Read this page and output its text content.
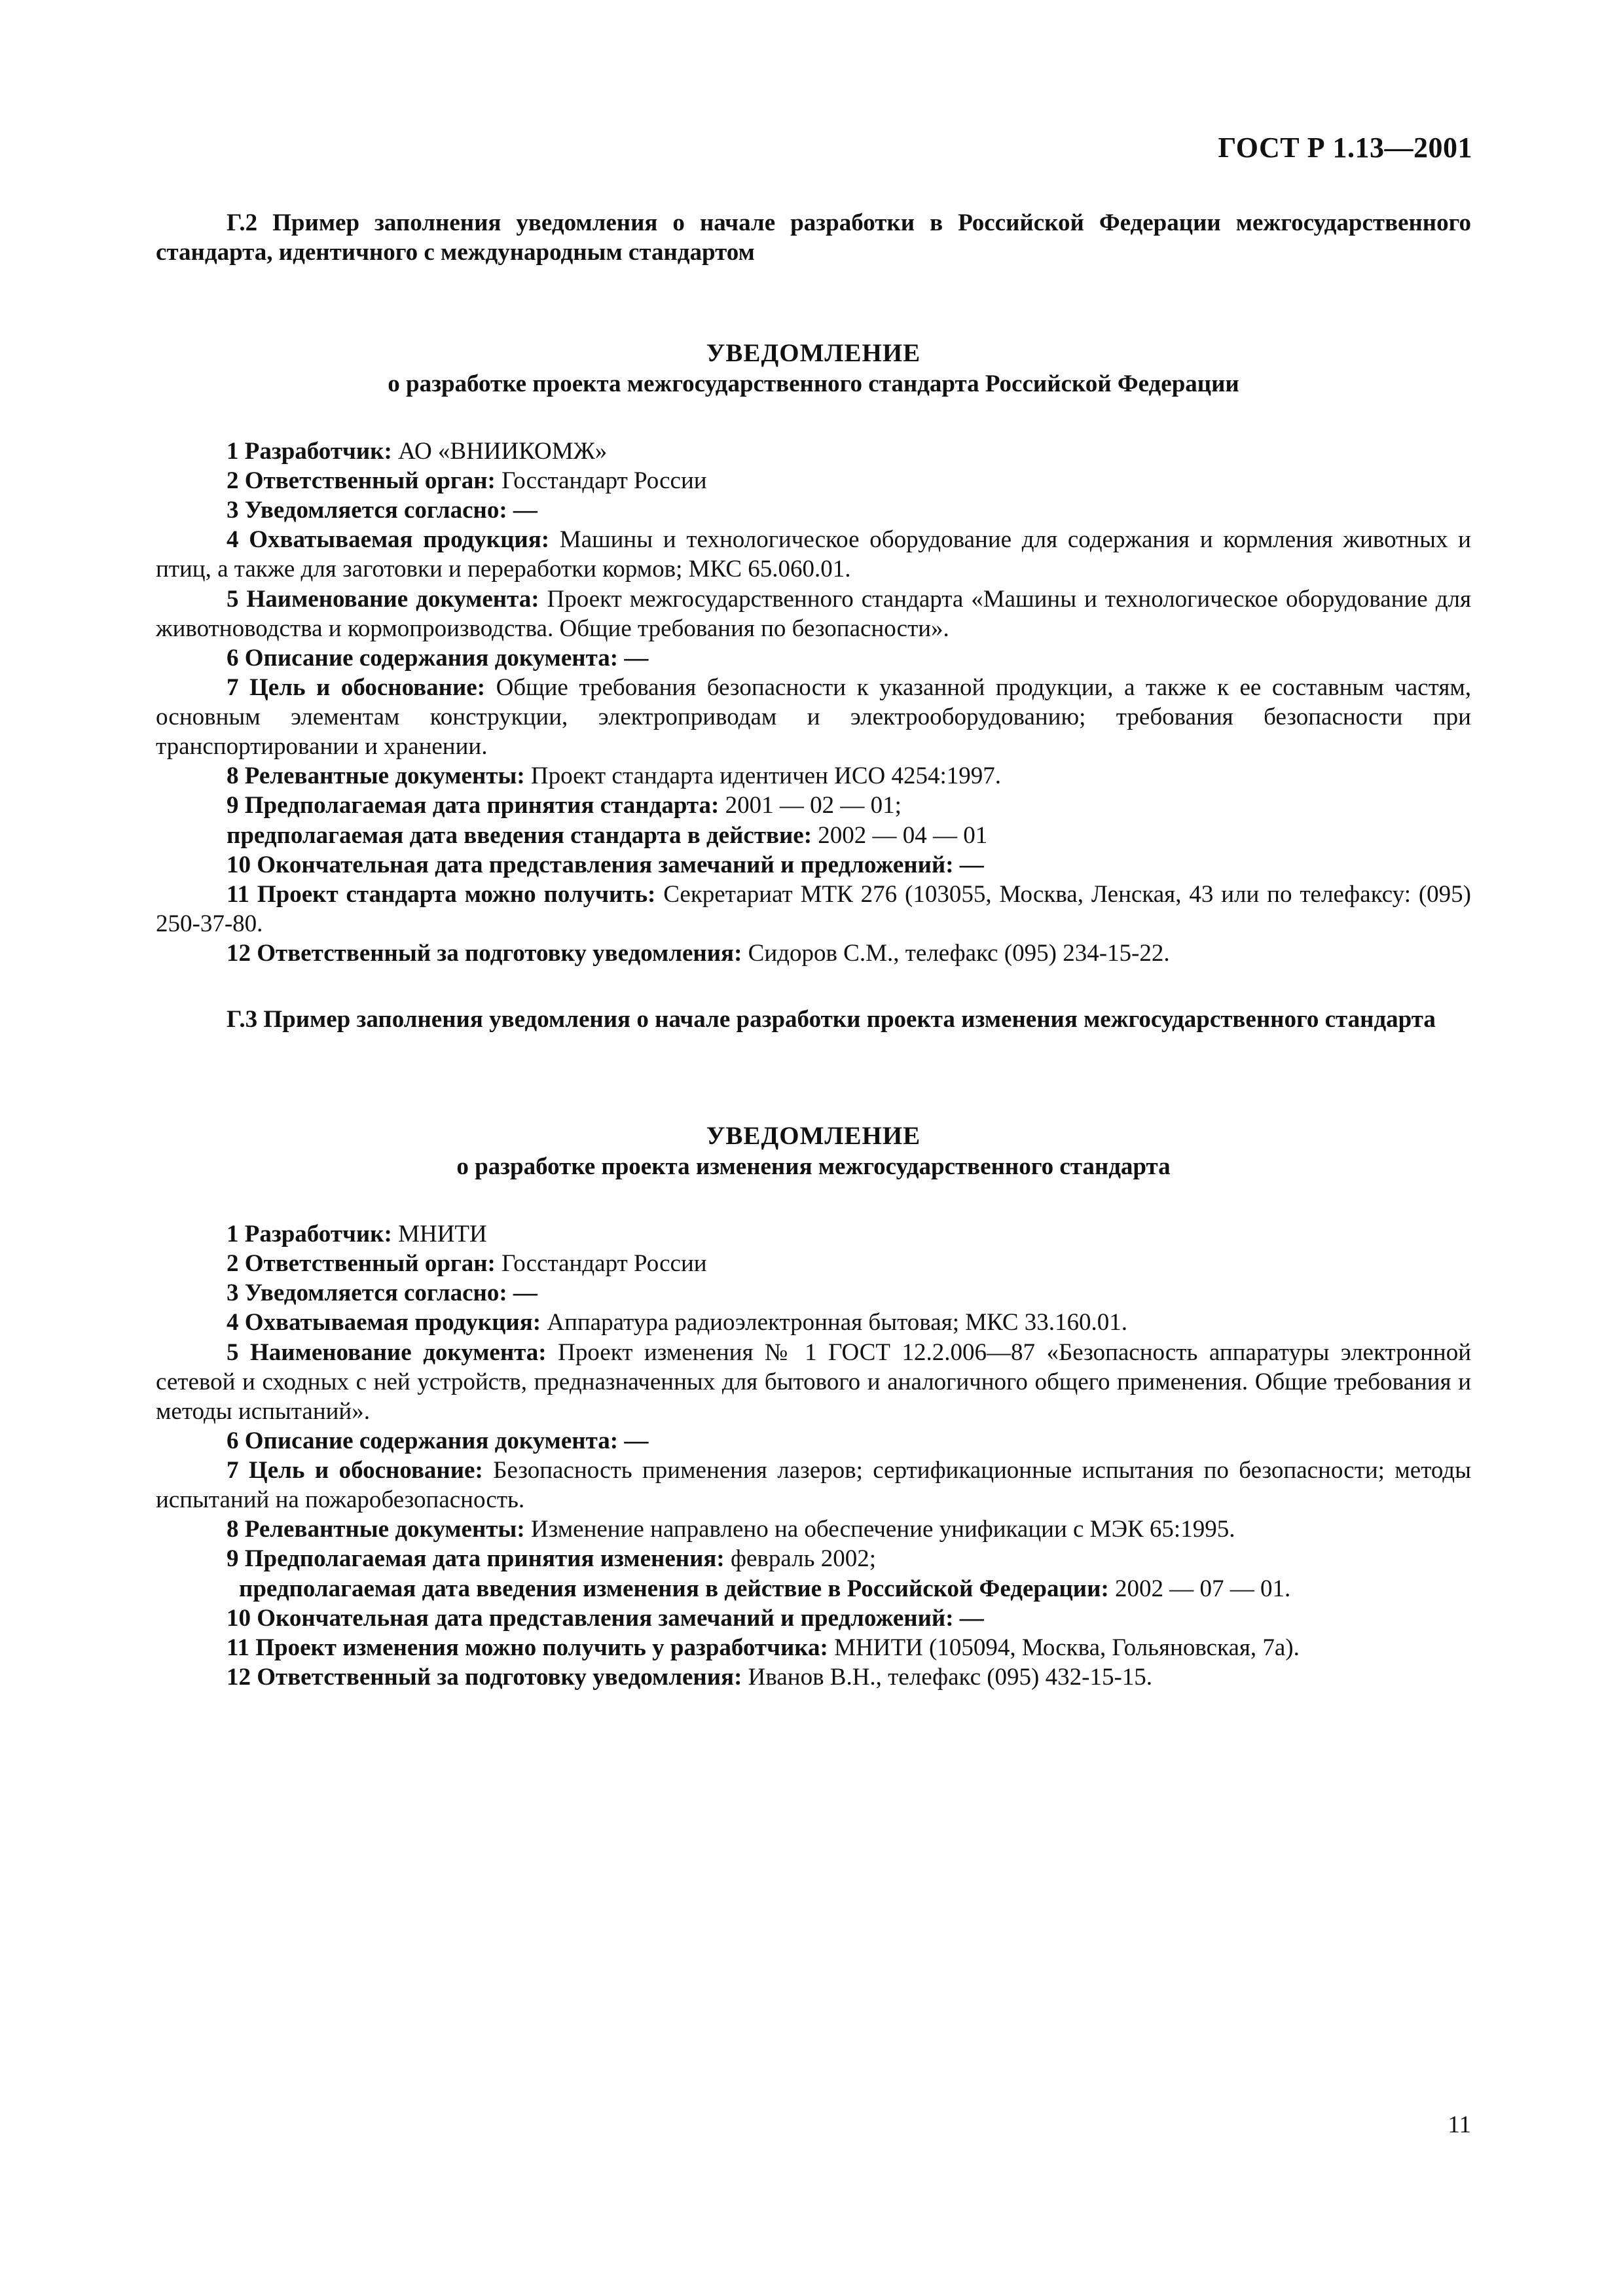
ГОСТ Р 1.13—2001

Г.2 Пример заполнения уведомления о начале разработки в Российской Федерации межгосударственного стандарта, идентичного с международным стандартом

УВЕДОМЛЕНИЕ
о разработке проекта межгосударственного стандарта Российской Федерации

1 Разработчик: АО «ВНИИКОМЖ»

2 Ответственный орган: Госстандарт России

3 Уведомляется согласно: —

4 Охватываемая продукция: Машины и технологическое оборудование для содержания и кормления животных и птиц, а также для заготовки и переработки кормов; МКС 65.060.01.

5 Наименование документа: Проект межгосударственного стандарта «Машины и технологическое оборудование для животноводства и кормопроизводства. Общие требования по безопасности».

6 Описание содержания документа: —

7 Цель и обоснование: Общие требования безопасности к указанной продукции, а также к ее составным частям, основным элементам конструкции, электроприводам и электрооборудованию; требования безопасности при транспортировании и хранении.

8 Релевантные документы: Проект стандарта идентичен ИСО 4254:1997.

9 Предполагаемая дата принятия стандарта: 2001 — 02 — 01;

предполагаемая дата введения стандарта в действие: 2002 — 04 — 01

10 Окончательная дата представления замечаний и предложений: —

11 Проект стандарта можно получить: Секретариат МТК 276 (103055, Москва, Ленская, 43 или по телефаксу: (095) 250-37-80.

12 Ответственный за подготовку уведомления: Сидоров С.М., телефакс (095) 234-15-22.

Г.3 Пример заполнения уведомления о начале разработки проекта изменения межгосударственного стандарта

УВЕДОМЛЕНИЕ
о разработке проекта изменения межгосударственного стандарта

1 Разработчик: МНИТИ

2 Ответственный орган: Госстандарт России

3 Уведомляется согласно: —

4 Охватываемая продукция: Аппаратура радиоэлектронная бытовая; МКС 33.160.01.

5 Наименование документа: Проект изменения № 1 ГОСТ 12.2.006—87 «Безопасность аппаратуры электронной сетевой и сходных с ней устройств, предназначенных для бытового и аналогичного общего применения. Общие требования и методы испытаний».

6 Описание содержания документа: —

7 Цель и обоснование: Безопасность применения лазеров; сертификационные испытания по безопасности; методы испытаний на пожаробезопасность.

8 Релевантные документы: Изменение направлено на обеспечение унификации с МЭК 65:1995.

9 Предполагаемая дата принятия изменения: февраль 2002;

предполагаемая дата введения изменения в действие в Российской Федерации: 2002 — 07 — 01.

10 Окончательная дата представления замечаний и предложений: —

11 Проект изменения можно получить у разработчика: МНИТИ (105094, Москва, Гольяновская, 7а).

12 Ответственный за подготовку уведомления: Иванов В.Н., телефакс (095) 432-15-15.

11
